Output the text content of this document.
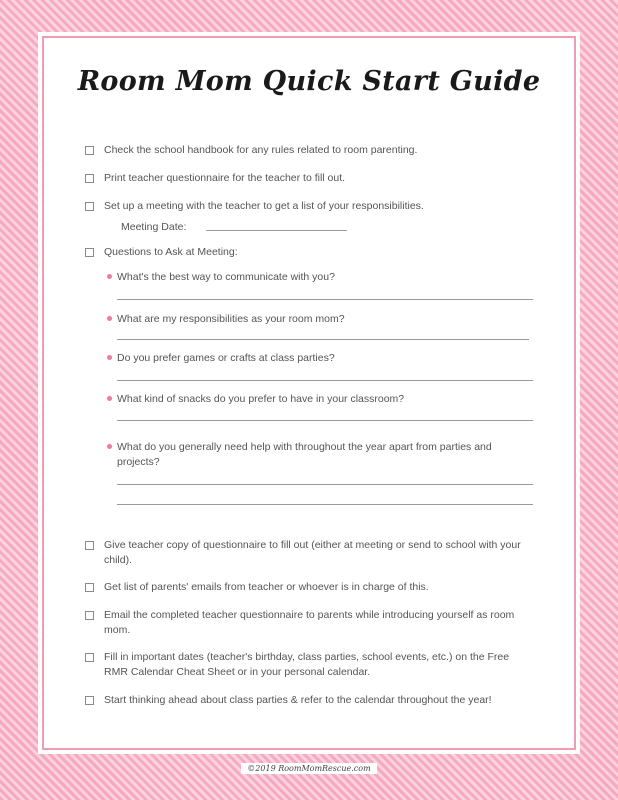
Room Mom Quick Start Guide
Check the school handbook for any rules related to room parenting.
Print teacher questionnaire for the teacher to fill out.
Set up a meeting with the teacher to get a list of your responsibilities.
Meeting Date:
Questions to Ask at Meeting:
What's the best way to communicate with you?
What are my responsibilities as your room mom?
Do you prefer games or crafts at class parties?
What kind of snacks do you prefer to have in your classroom?
What do you generally need help with throughout the year apart from parties and projects?
Give teacher copy of questionnaire to fill out (either at meeting or send to school with your child).
Get list of parents' emails from teacher or whoever is in charge of this.
Email the completed teacher questionnaire to parents while introducing yourself as room mom.
Fill in important dates (teacher's birthday, class parties, school events, etc.) on the Free RMR Calendar Cheat Sheet or in your personal calendar.
Start thinking ahead about class parties & refer to the calendar throughout the year!
©2019 RoomMomRescue.com
